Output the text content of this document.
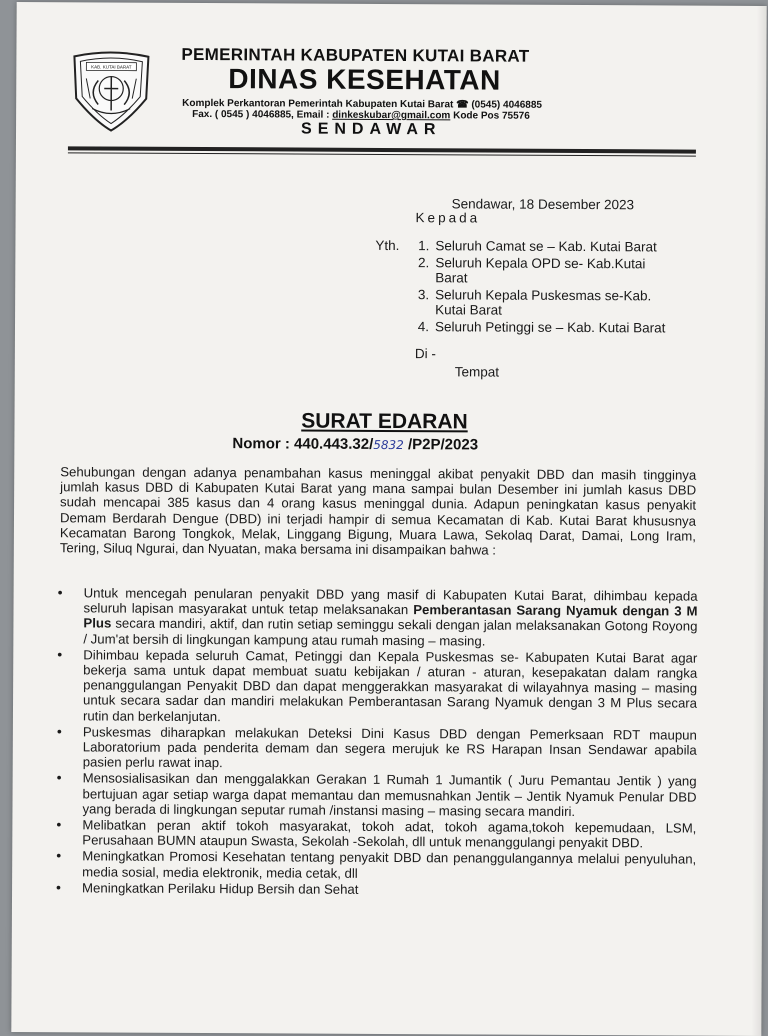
KAB. KUTAI BARAT
PEMERINTAH KABUPATEN KUTAI BARAT
DINAS KESEHATAN
Komplek Perkantoran Pemerintah Kabupaten Kutai Barat ☎ (0545) 4046885
Fax. ( 0545 ) 4046885, Email : dinkeskubar@gmail.com Kode Pos 75576
SENDAWAR
Sendawar, 18 Desember 2023
Kepada
Yth.	1. Seluruh Camat se – Kab. Kutai Barat
2. Seluruh Kepala OPD se- Kab.Kutai Barat
3. Seluruh Kepala Puskesmas se-Kab. Kutai Barat
4. Seluruh Petinggi se – Kab. Kutai Barat
Di -
Tempat
SURAT EDARAN
Nomor : 440.443.32/5832 /P2P/2023
Sehubungan dengan adanya penambahan kasus meninggal akibat penyakit DBD dan masih tingginya jumlah kasus DBD di Kabupaten Kutai Barat yang mana sampai bulan Desember ini jumlah kasus DBD sudah mencapai 385 kasus dan 4 orang kasus meninggal dunia. Adapun peningkatan kasus penyakit Demam Berdarah Dengue (DBD) ini terjadi hampir di semua Kecamatan di Kab. Kutai Barat khususnya Kecamatan Barong Tongkok, Melak, Linggang Bigung, Muara Lawa, Sekolaq Darat, Damai, Long Iram, Tering, Siluq Ngurai, dan Nyuatan, maka bersama ini disampaikan bahwa :
• Untuk mencegah penularan penyakit DBD yang masif di Kabupaten Kutai Barat, dihimbau kepada seluruh lapisan masyarakat untuk tetap melaksanakan Pemberantasan Sarang Nyamuk dengan 3 M Plus secara mandiri, aktif, dan rutin setiap seminggu sekali dengan jalan melaksanakan Gotong Royong / Jum'at bersih di lingkungan kampung atau rumah masing – masing.
• Dihimbau kepada seluruh Camat, Petinggi dan Kepala Puskesmas se- Kabupaten Kutai Barat agar bekerja sama untuk dapat membuat suatu kebijakan / aturan - aturan, kesepakatan dalam rangka penanggulangan Penyakit DBD dan dapat menggerakkan masyarakat di wilayahnya masing – masing untuk secara sadar dan mandiri melakukan Pemberantasan Sarang Nyamuk dengan 3 M Plus secara rutin dan berkelanjutan.
• Puskesmas diharapkan melakukan Deteksi Dini Kasus DBD dengan Pemerksaan RDT maupun Laboratorium pada penderita demam dan segera merujuk ke RS Harapan Insan Sendawar apabila pasien perlu rawat inap.
• Mensosialisasikan dan menggalakkan Gerakan 1 Rumah 1 Jumantik ( Juru Pemantau Jentik ) yang bertujuan agar setiap warga dapat memantau dan memusnahkan Jentik – Jentik Nyamuk Penular DBD yang berada di lingkungan seputar rumah /instansi masing – masing secara mandiri.
• Melibatkan peran aktif tokoh masyarakat, tokoh adat, tokoh agama,tokoh kepemudaan, LSM, Perusahaan BUMN ataupun Swasta, Sekolah -Sekolah, dll untuk menanggulangi penyakit DBD.
• Meningkatkan Promosi Kesehatan tentang penyakit DBD dan penanggulangannya melalui penyuluhan, media sosial, media elektronik, media cetak, dll
• Meningkatkan Perilaku Hidup Bersih dan Sehat
